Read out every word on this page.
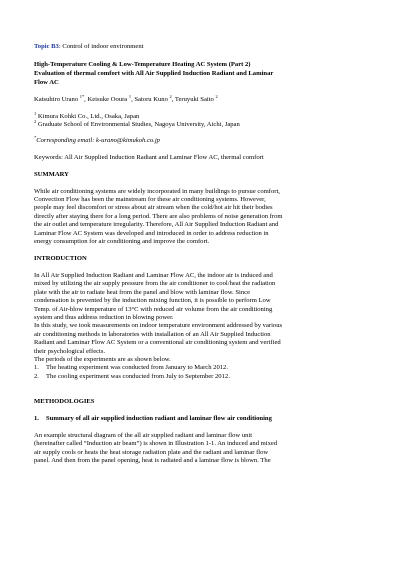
Topic B3: Control of indoor environment

High-Temperature Cooling & Low-Temperature Heating AC System (Part 2)
Evaluation of thermal comfort with All Air Supplied Induction Radiant and Laminar
Flow AC

Katsuhiro Urano $^{1*}$, Keisuke Ooura $^1$, Satoru Kuno $^2$, Teruyuki Saito $^2$

$^1$ Kimura Kohki Co., Ltd., Osaka, Japan
$^2$ Graduate School of Environmental Studies, Nagoya University, Aichi, Japan

*Corresponding email: k-urano@kimukoh.co.jp

Keywords: All Air Supplied Induction Radiant and Laminar Flow AC, thermal comfort

SUMMARY

While air conditioning systems are widely incorporated in many buildings to pursue comfort,
Convection Flow has been the mainstream for these air conditioning systems. However,
people may feel discomfort or stress about air stream when the cold/hot air hit their bodies
directly after staying there for a long period. There are also problems of noise generation from
the air outlet and temperature irregularity. Therefore, All Air Supplied Induction Radiant and
Laminar Flow AC System was developed and introduced in order to address reduction in
energy consumption for air conditioning and improve the comfort.

INTRODUCTION

In All Air Supplied Induction Radiant and Laminar Flow AC, the indoor air is induced and
mixed by utilizing the air supply pressure from the air conditioner to cool/heat the radiation
plate with the air to radiate heat from the panel and blow with laminar flow. Since
condensation is prevented by the induction mixing function, it is possible to perform Low
Temp. of Air-blow temperature of 13°C with reduced air volume from the air conditioning
system and thus address reduction in blowing power.
In this study, we took measurements on indoor temperature environment addressed by various
air conditioning methods in laboratories with installation of an All Air Supplied Induction
Radiant and Laminar Flow AC System or a conventional air conditioning system and verified
their psychological effects.
The periods of the experiments are as shown below.
1. The heating experiment was conducted from January to March 2012.
2. The cooling experiment was conducted from July to September 2012.

METHODOLOGIES

1. Summary of all air supplied induction radiant and laminar flow air conditioning

An example structural diagram of the all air supplied radiant and laminar flow unit
(hereinafter called “Induction air beam”) is shown in Illustration 1-1. An induced and mixed
air supply cools or heats the heat storage radiation plate and the radiant and laminar flow
panel. And then from the panel opening, heat is radiated and a laminar flow is blown. The
